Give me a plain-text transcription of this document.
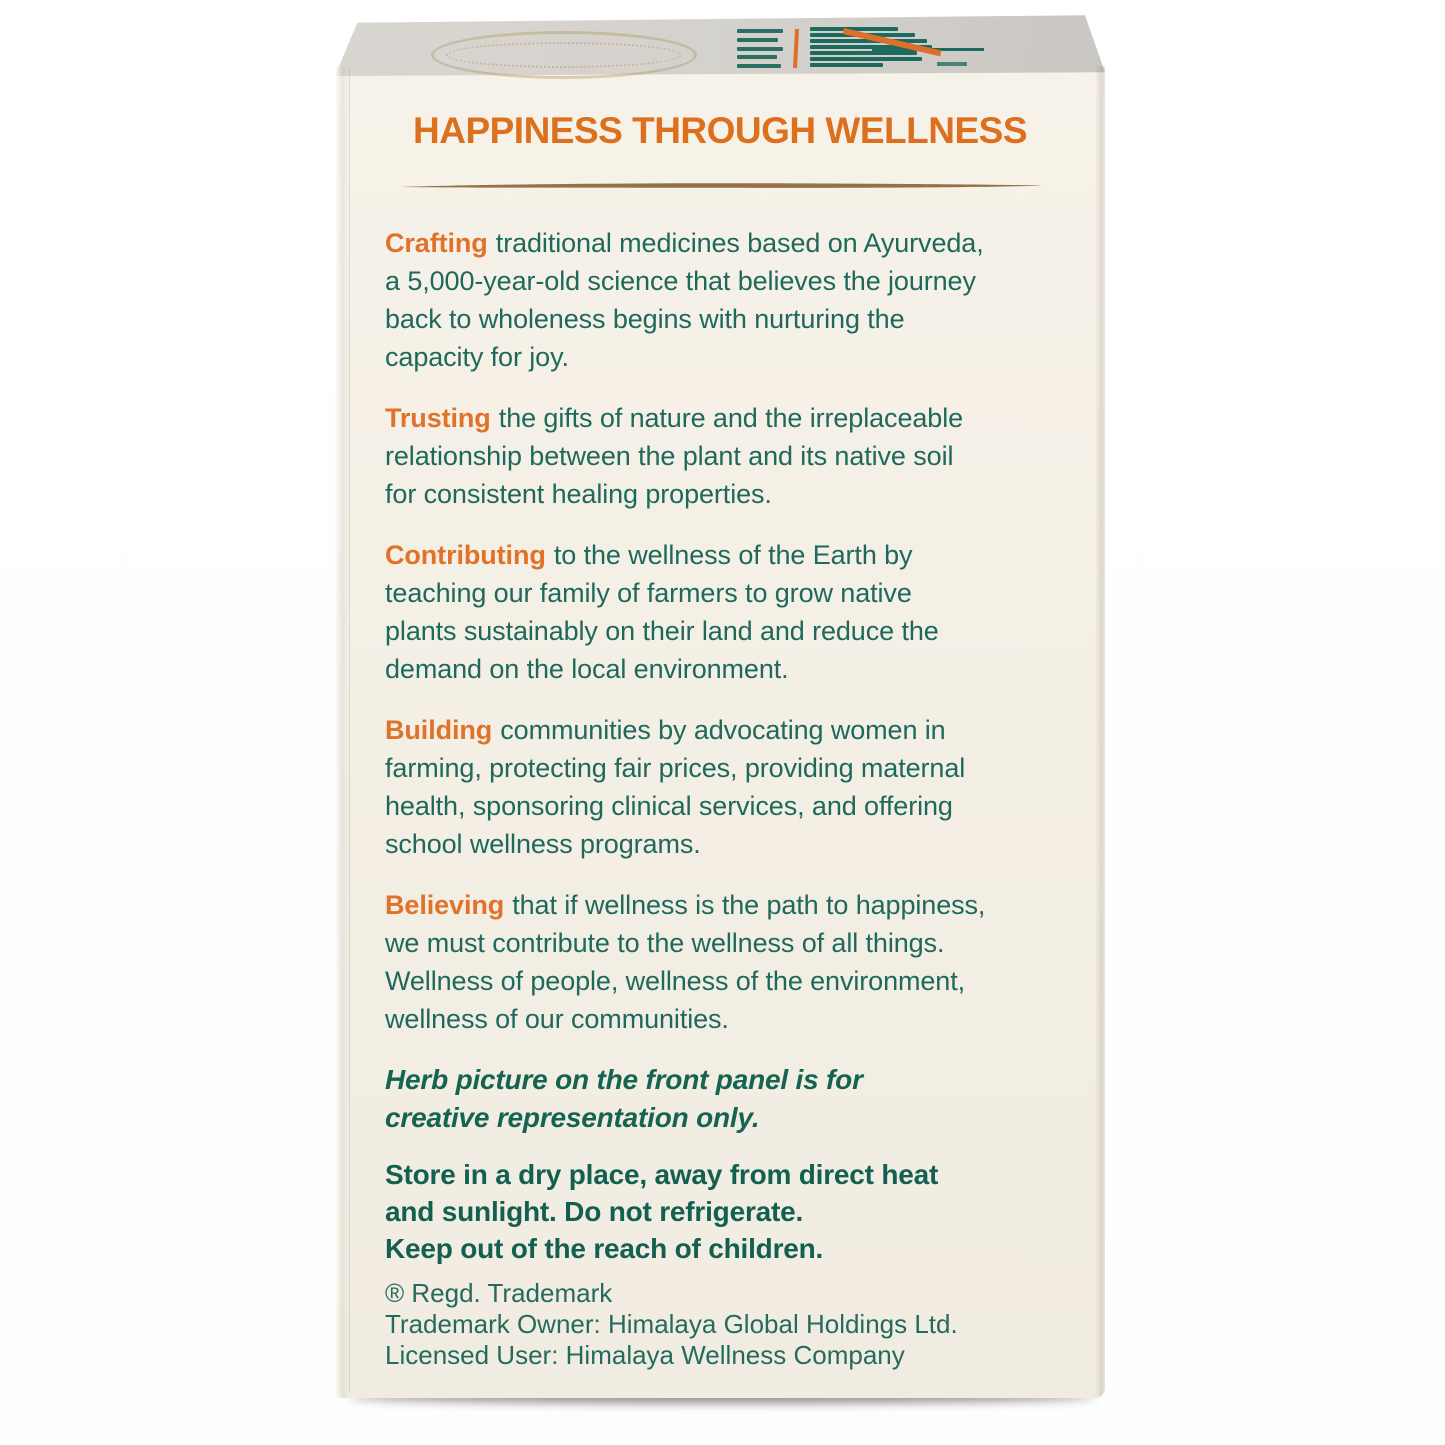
HAPPINESS THROUGH WELLNESS

Crafting traditional medicines based on Ayurveda,
a 5,000-year-old science that believes the journey
back to wholeness begins with nurturing the
capacity for joy.

Trusting the gifts of nature and the irreplaceable
relationship between the plant and its native soil
for consistent healing properties.

Contributing to the wellness of the Earth by
teaching our family of farmers to grow native
plants sustainably on their land and reduce the
demand on the local environment.

Building communities by advocating women in
farming, protecting fair prices, providing maternal
health, sponsoring clinical services, and offering
school wellness programs.

Believing that if wellness is the path to happiness,
we must contribute to the wellness of all things.
Wellness of people, wellness of the environment,
wellness of our communities.

Herb picture on the front panel is for
creative representation only.

Store in a dry place, away from direct heat
and sunlight. Do not refrigerate.
Keep out of the reach of children.

® Regd. Trademark
Trademark Owner: Himalaya Global Holdings Ltd.
Licensed User: Himalaya Wellness Company
